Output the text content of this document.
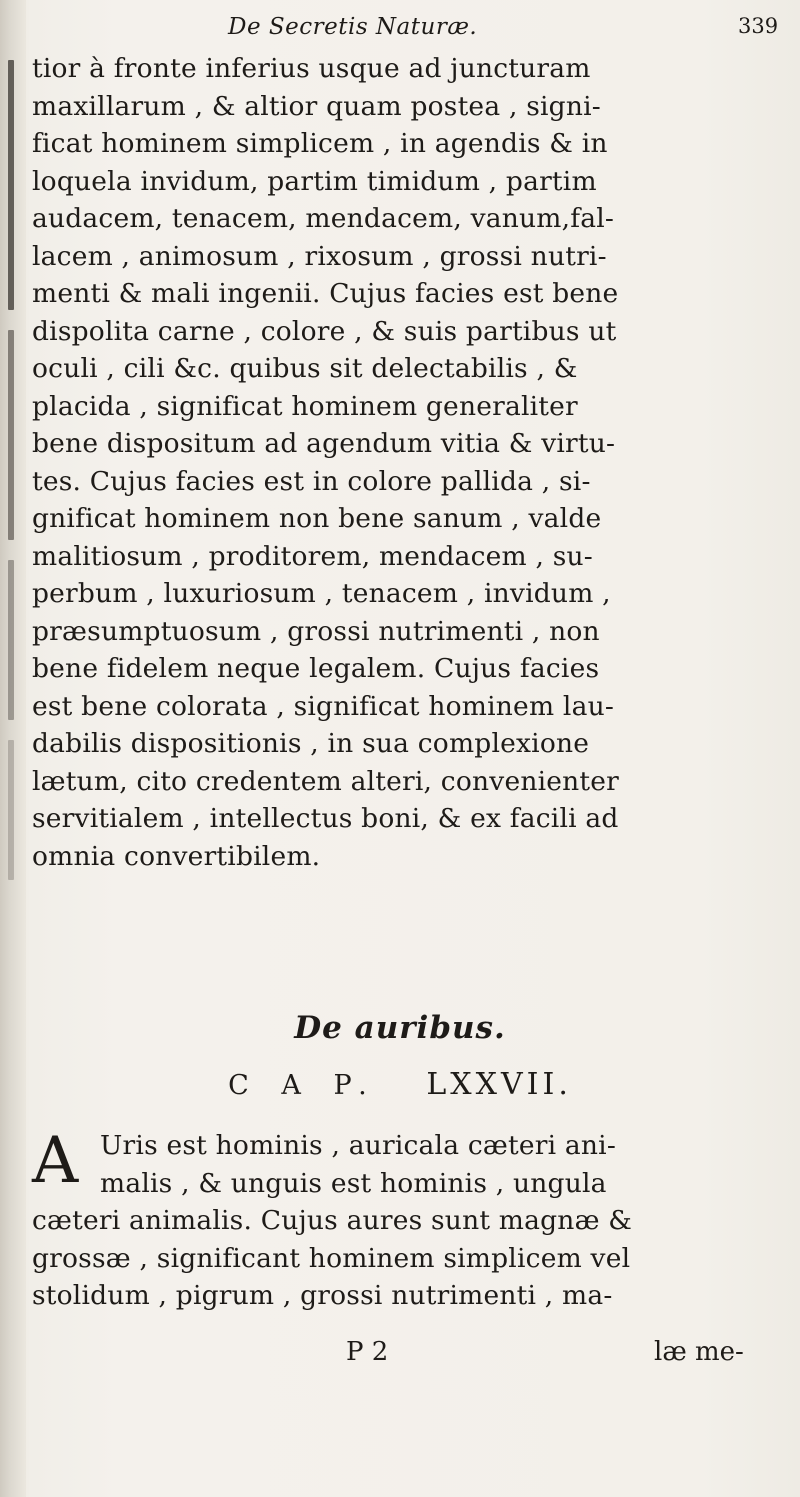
De Secretis Naturæ.	339
tior à fronte inferius usque ad juncturam
maxillarum , & altior quam postea , signi-
ficat hominem simplicem , in agendis & in
loquela invidum, partim timidum , partim
audacem, tenacem, mendacem, vanum,fal-
lacem , animosum , rixosum , grossi nutri-
menti & mali ingenii. Cujus facies est bene
dispolita carne , colore , & suis partibus ut
oculi , cili &c. quibus sit delectabilis , &
placida , significat hominem generaliter
bene dispositum ad agendum vitia & virtu-
tes. Cujus facies est in colore pallida , si-
gnificat hominem non bene sanum , valde
malitiosum , proditorem, mendacem , su-
perbum , luxuriosum , tenacem , invidum ,
præsumptuosum , grossi nutrimenti , non
bene fidelem neque legalem. Cujus facies
est bene colorata , significat hominem lau-
dabilis dispositionis , in sua complexione
lætum, cito credentem alteri, convenienter
servitialem , intellectus boni, & ex facili ad
omnia convertibilem.
De auribus.
C A P. LXXVII.
A Uris est hominis , auricala cæteri ani-
malis , & unguis est hominis , ungula
cæteri animalis. Cujus aures sunt magnæ &
grossæ , significant hominem simplicem vel
stolidum , pigrum , grossi nutrimenti , ma-
P 2	læ me-
